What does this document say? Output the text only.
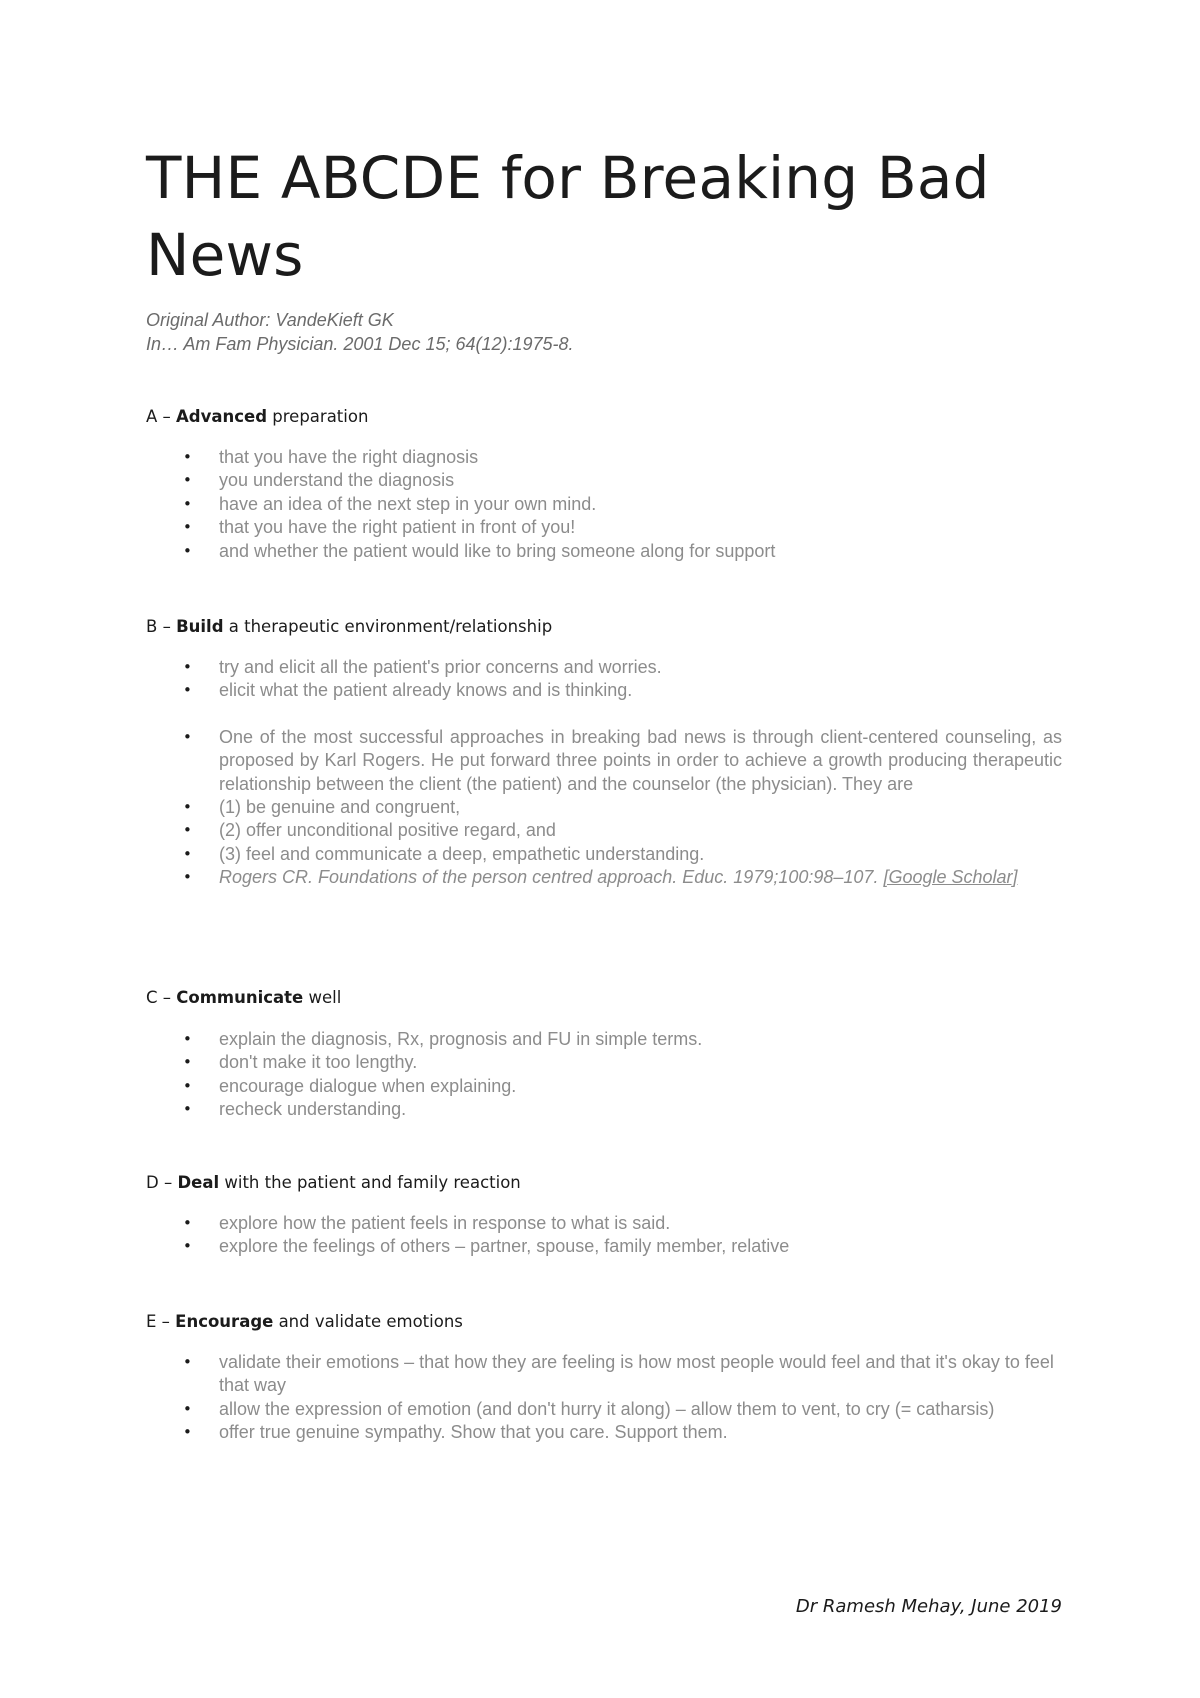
THE ABCDE for Breaking Bad News
Original Author: VandeKieft GK
In… Am Fam Physician. 2001 Dec 15; 64(12):1975-8.
A – Advanced preparation
• that you have the right diagnosis
• you understand the diagnosis
• have an idea of the next step in your own mind.
• that you have the right patient in front of you!
• and whether the patient would like to bring someone along for support
B – Build a therapeutic environment/relationship
• try and elicit all the patient's prior concerns and worries.
• elicit what the patient already knows and is thinking.
• One of the most successful approaches in breaking bad news is through client-centered counseling, as proposed by Karl Rogers. He put forward three points in order to achieve a growth producing therapeutic relationship between the client (the patient) and the counselor (the physician). They are
• (1) be genuine and congruent,
• (2) offer unconditional positive regard, and
• (3) feel and communicate a deep, empathetic understanding.
• Rogers CR. Foundations of the person centred approach. Educ. 1979;100:98–107. [Google Scholar]
C – Communicate well
• explain the diagnosis, Rx, prognosis and FU in simple terms.
• don't make it too lengthy.
• encourage dialogue when explaining.
• recheck understanding.
D – Deal with the patient and family reaction
• explore how the patient feels in response to what is said.
• explore the feelings of others – partner, spouse, family member, relative
E – Encourage and validate emotions
• validate their emotions – that how they are feeling is how most people would feel and that it's okay to feel that way
• allow the expression of emotion (and don't hurry it along) – allow them to vent, to cry (= catharsis)
• offer true genuine sympathy. Show that you care. Support them.
Dr Ramesh Mehay, June 2019
